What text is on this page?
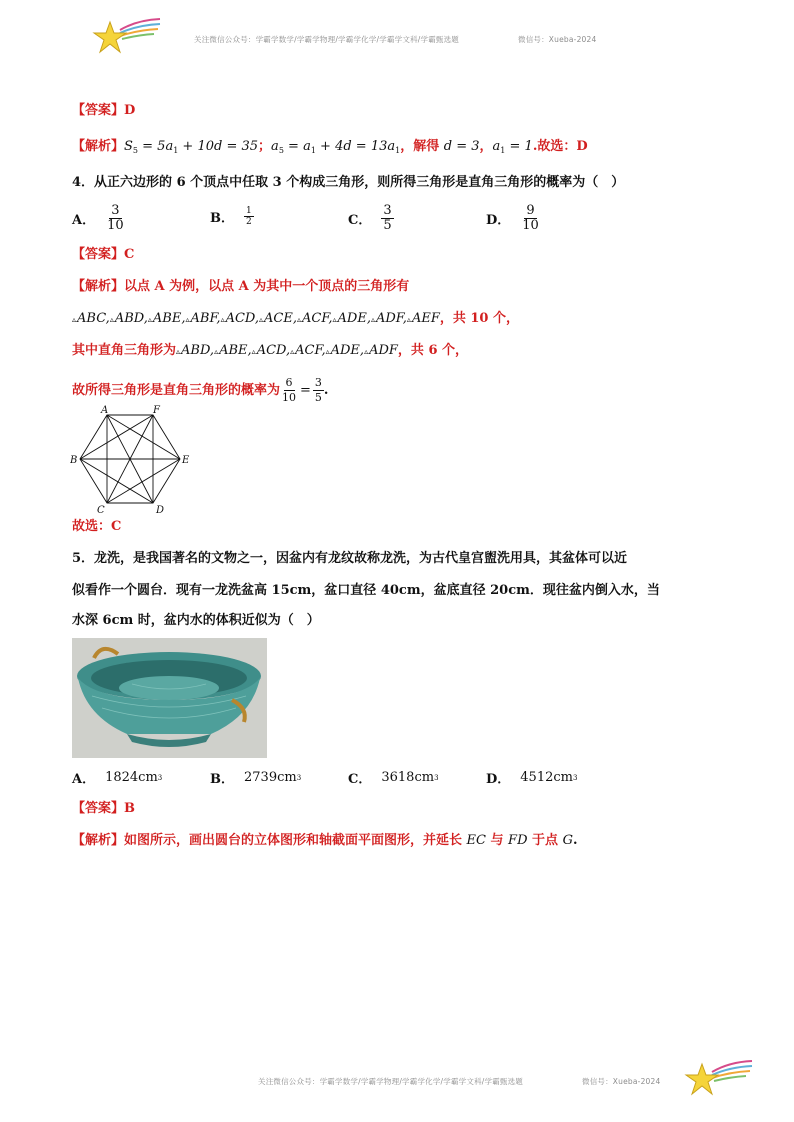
关注微信公众号：学霸学数学/学霸学物理/学霸学化学/学霸学文科/学霸甄选题	微信号：Xueba-2024
【答案】D
【解析】$S_5 = 5a_1 + 10d = 35$；$a_5 = a_1 + 4d = 13a_1$，解得 d = 3，$a_1 = 1$.故选：D
4．从正六边形的 6 个顶点中任取 3 个构成三角形，则所得三角形是直角三角形的概率为（　）
A． $\frac{3}{10}$	B． $\frac{1}{2}$	C． $\frac{3}{5}$	D． $\frac{9}{10}$
【答案】C
【解析】以点 A 为例，以点 A 为其中一个顶点的三角形有
▵ABC,▵ABD,▵ABE,▵ABF,▵ACD,▵ACE,▵ACF,▵ADE,▵ADF,▵AEF，共 10 个，
其中直角三角形为▵ABD,▵ABE,▵ACD,▵ACF,▵ADE,▵ADF，共 6 个，
故所得三角形是直角三角形的概率为 $\frac{6}{10} = \frac{3}{5}$ .
A	F
B	E
C	D
故选：C
5．龙洗，是我国著名的文物之一，因盆内有龙纹故称龙洗，为古代皇宫盥洗用具，其盆体可以近
似看作一个圆台．现有一龙洗盆高 15cm，盆口直径 40cm，盆底直径 20cm．现往盆内倒入水，当
水深 6cm 时，盆内水的体积近似为（　）
A． 1824cm 3	B． 2739cm 3	C． 3618cm 3	D． 4512cm 3
【答案】B
【解析】如图所示，画出圆台的立体图形和轴截面平面图形，并延长 EC 与 FD 于点 G.
关注微信公众号：学霸学数学/学霸学物理/学霸学化学/学霸学文科/学霸甄选题	微信号：Xueba-2024
